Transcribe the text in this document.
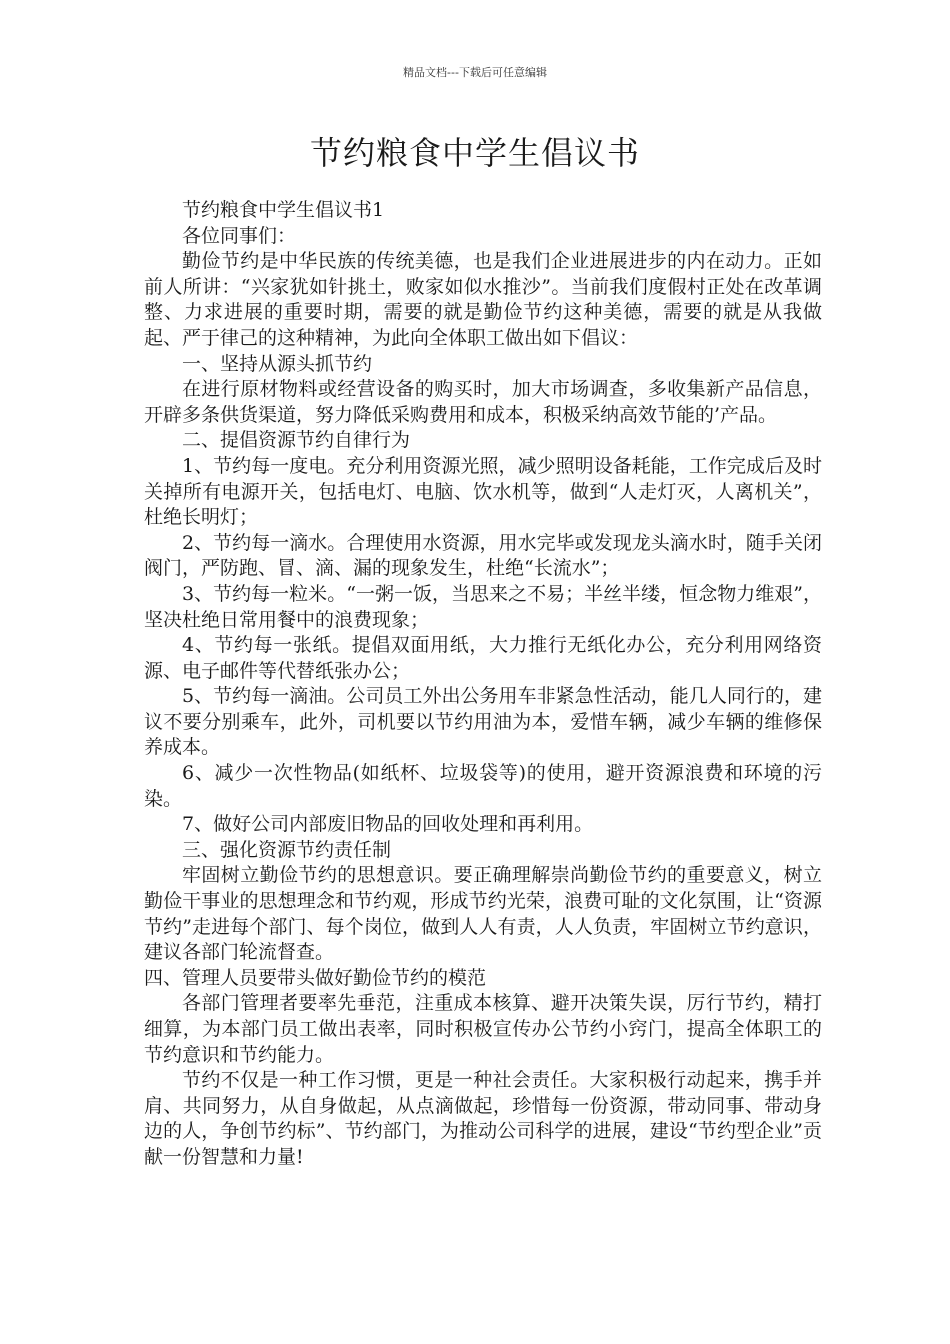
精品文档---下载后可任意编辑
节约粮食中学生倡议书

节约粮食中学生倡议书1

各位同事们：

勤俭节约是中华民族的传统美德，也是我们企业进展进步的内在动力。正如前人所讲：“兴家犹如针挑土，败家如似水推沙”。当前我们度假村正处在改革调整、力求进展的重要时期，需要的就是勤俭节约这种美德，需要的就是从我做起、严于律己的这种精神，为此向全体职工做出如下倡议：

一、坚持从源头抓节约

在进行原材物料或经营设备的购买时，加大市场调查，多收集新产品信息，开辟多条供货渠道，努力降低采购费用和成本，积极采纳高效节能的’产品。

二、提倡资源节约自律行为

1、节约每一度电。充分利用资源光照，减少照明设备耗能，工作完成后及时关掉所有电源开关，包括电灯、电脑、饮水机等，做到“人走灯灭，人离机关”，杜绝长明灯；

2、节约每一滴水。合理使用水资源，用水完毕或发现龙头滴水时，随手关闭阀门，严防跑、冒、滴、漏的现象发生，杜绝“长流水”；

3、节约每一粒米。“一粥一饭，当思来之不易；半丝半缕，恒念物力维艰”，坚决杜绝日常用餐中的浪费现象；

4、节约每一张纸。提倡双面用纸，大力推行无纸化办公，充分利用网络资源、电子邮件等代替纸张办公；

5、节约每一滴油。公司员工外出公务用车非紧急性活动，能几人同行的，建议不要分别乘车，此外，司机要以节约用油为本，爱惜车辆，减少车辆的维修保养成本。

6、减少一次性物品(如纸杯、垃圾袋等)的使用，避开资源浪费和环境的污染。

7、做好公司内部废旧物品的回收处理和再利用。

三、强化资源节约责任制

牢固树立勤俭节约的思想意识。要正确理解崇尚勤俭节约的重要意义，树立勤俭干事业的思想理念和节约观，形成节约光荣，浪费可耻的文化氛围，让“资源节约”走进每个部门、每个岗位，做到人人有责，人人负责，牢固树立节约意识，建议各部门轮流督查。

四、管理人员要带头做好勤俭节约的模范

各部门管理者要率先垂范，注重成本核算、避开决策失误，厉行节约，精打细算，为本部门员工做出表率，同时积极宣传办公节约小窍门，提高全体职工的节约意识和节约能力。

节约不仅是一种工作习惯，更是一种社会责任。大家积极行动起来，携手并肩、共同努力，从自身做起，从点滴做起，珍惜每一份资源，带动同事、带动身边的人，争创节约标”、节约部门，为推动公司科学的进展，建设“节约型企业”贡献一份智慧和力量!
